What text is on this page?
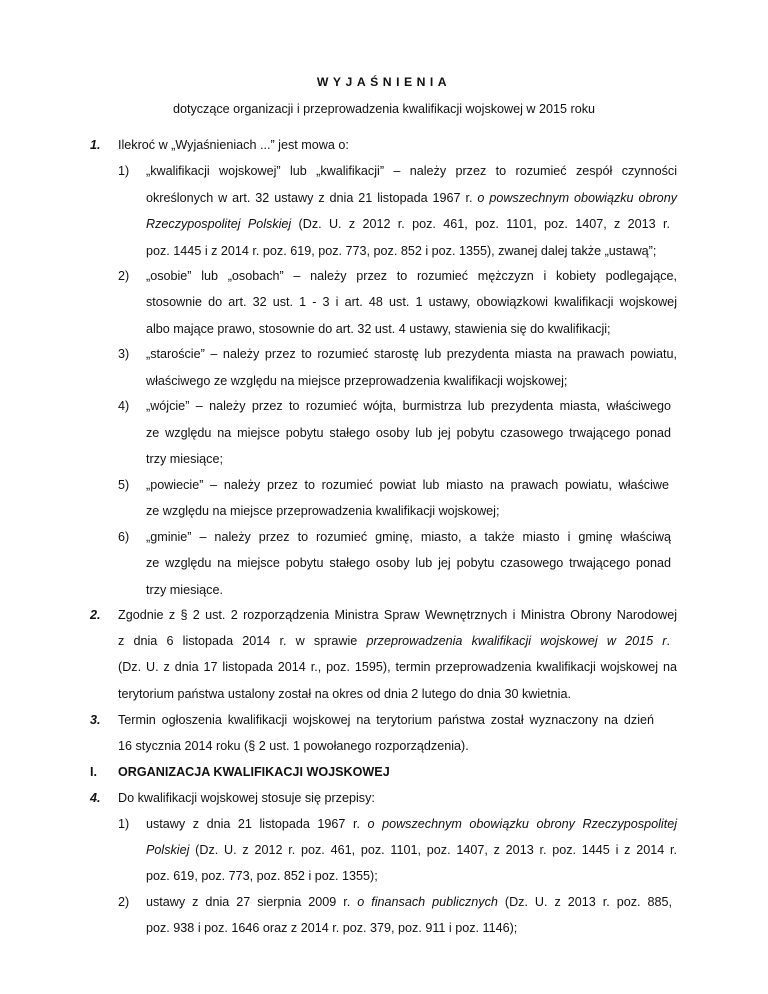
WYJAŚNIENIA
dotyczące organizacji i przeprowadzenia kwalifikacji wojskowej w 2015 roku
1. Ilekroć w „Wyjaśnieniach ...” jest mowa o:
1) „kwalifikacji wojskowej” lub „kwalifikacji” – należy przez to rozumieć zespół czynności
określonych w art. 32 ustawy z dnia 21 listopada 1967 r. o powszechnym obowiązku obrony
Rzeczypospolitej Polskiej (Dz. U. z 2012 r. poz. 461, poz. 1101, poz. 1407, z 2013 r.
poz. 1445 i z 2014 r. poz. 619, poz. 773, poz. 852 i poz. 1355), zwanej dalej także „ustawą”;
2) „osobie” lub „osobach” – należy przez to rozumieć mężczyzn i kobiety podlegające,
stosownie do art. 32 ust. 1 - 3 i art. 48 ust. 1 ustawy, obowiązkowi kwalifikacji wojskowej
albo mające prawo, stosownie do art. 32 ust. 4 ustawy, stawienia się do kwalifikacji;
3) „starościе” – należy przez to rozumieć starostę lub prezydenta miasta na prawach powiatu,
właściwego ze względu na miejsce przeprowadzenia kwalifikacji wojskowej;
4) „wójcie” – należy przez to rozumieć wójta, burmistrza lub prezydenta miasta, właściwego
ze względu na miejsce pobytu stałego osoby lub jej pobytu czasowego trwającego ponad
trzy miesiące;
5) „powiecie” – należy przez to rozumieć powiat lub miasto na prawach powiatu, właściwe
ze względu na miejsce przeprowadzenia kwalifikacji wojskowej;
6) „gminie” – należy przez to rozumieć gminę, miasto, a także miasto i gminę właściwą
ze względu na miejsce pobytu stałego osoby lub jej pobytu czasowego trwającego ponad
trzy miesiące.
2. Zgodnie z § 2 ust. 2 rozporządzenia Ministra Spraw Wewnętrznych i Ministra Obrony Narodowej
z dnia 6 listopada 2014 r. w sprawie przeprowadzenia kwalifikacji wojskowej w 2015 r.
(Dz. U. z dnia 17 listopada 2014 r., poz. 1595), termin przeprowadzenia kwalifikacji wojskowej na
terytorium państwa ustalony został na okres od dnia 2 lutego do dnia 30 kwietnia.
3. Termin ogłoszenia kwalifikacji wojskowej na terytorium państwa został wyznaczony na dzień
16 stycznia 2014 roku (§ 2 ust. 1 powołanego rozporządzenia).
I. ORGANIZACJA KWALIFIKACJI WOJSKOWEJ
4. Do kwalifikacji wojskowej stosuje się przepisy:
1) ustawy z dnia 21 listopada 1967 r. o powszechnym obowiązku obrony Rzeczypospolitej
Polskiej (Dz. U. z 2012 r. poz. 461, poz. 1101, poz. 1407, z 2013 r. poz. 1445 i z 2014 r.
poz. 619, poz. 773, poz. 852 i poz. 1355);
2) ustawy z dnia 27 sierpnia 2009 r. o finansach publicznych (Dz. U. z 2013 r. poz. 885,
poz. 938 i poz. 1646 oraz z 2014 r. poz. 379, poz. 911 i poz. 1146);
